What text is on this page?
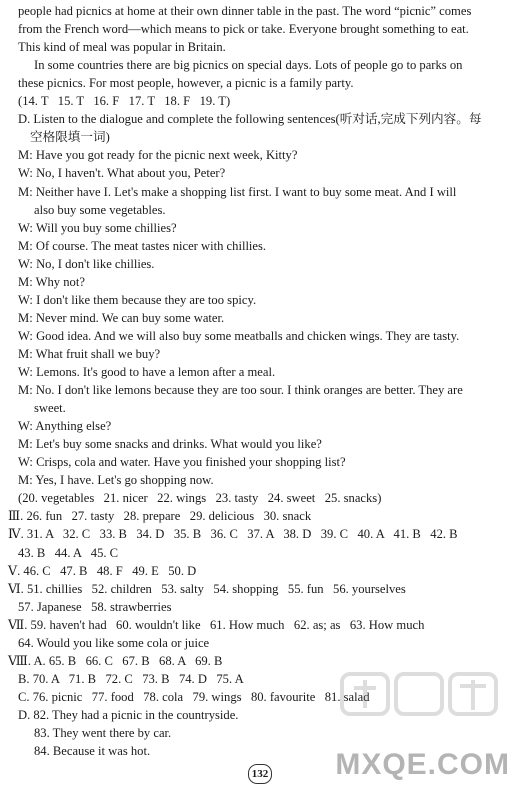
people had picnics at home at their own dinner table in the past. The word “picnic” comes
from the French word—which means to pick or take. Everyone brought something to eat.
This kind of meal was popular in Britain.
In some countries there are big picnics on special days. Lots of people go to parks on
these picnics. For most people, however, a picnic is a family party.
(14. T   15. T   16. F   17. T   18. F   19. T)
D. Listen to the dialogue and complete the following sentences(听对话,完成下列内容。每
空格限填一词)
M: Have you got ready for the picnic next week, Kitty?
W: No, I haven't. What about you, Peter?
M: Neither have I. Let's make a shopping list first. I want to buy some meat. And I will
also buy some vegetables.
W: Will you buy some chillies?
M: Of course. The meat tastes nicer with chillies.
W: No, I don't like chillies.
M: Why not?
W: I don't like them because they are too spicy.
M: Never mind. We can buy some water.
W: Good idea. And we will also buy some meatballs and chicken wings. They are tasty.
M: What fruit shall we buy?
W: Lemons. It's good to have a lemon after a meal.
M: No. I don't like lemons because they are too sour. I think oranges are better. They are
sweet.
W: Anything else?
M: Let's buy some snacks and drinks. What would you like?
W: Crisps, cola and water. Have you finished your shopping list?
M: Yes, I have. Let's go shopping now.
(20. vegetables   21. nicer   22. wings   23. tasty   24. sweet   25. snacks)
Ⅲ. 26. fun   27. tasty   28. prepare   29. delicious   30. snack
Ⅳ. 31. A   32. C   33. B   34. D   35. B   36. C   37. A   38. D   39. C   40. A   41. B   42. B
43. B   44. A   45. C
Ⅴ. 46. C   47. B   48. F   49. E   50. D
Ⅵ. 51. chillies   52. children   53. salty   54. shopping   55. fun   56. yourselves
57. Japanese   58. strawberries
Ⅶ. 59. haven't had   60. wouldn't like   61. How much   62. as; as   63. How much
64. Would you like some cola or juice
Ⅷ. A. 65. B   66. C   67. B   68. A   69. B
B. 70. A   71. B   72. C   73. B   74. D   75. A
C. 76. picnic   77. food   78. cola   79. wings   80. favourite   81. salad
D. 82. They had a picnic in the countryside.
83. They went there by car.
84. Because it was hot.
132 MXQE.COM
